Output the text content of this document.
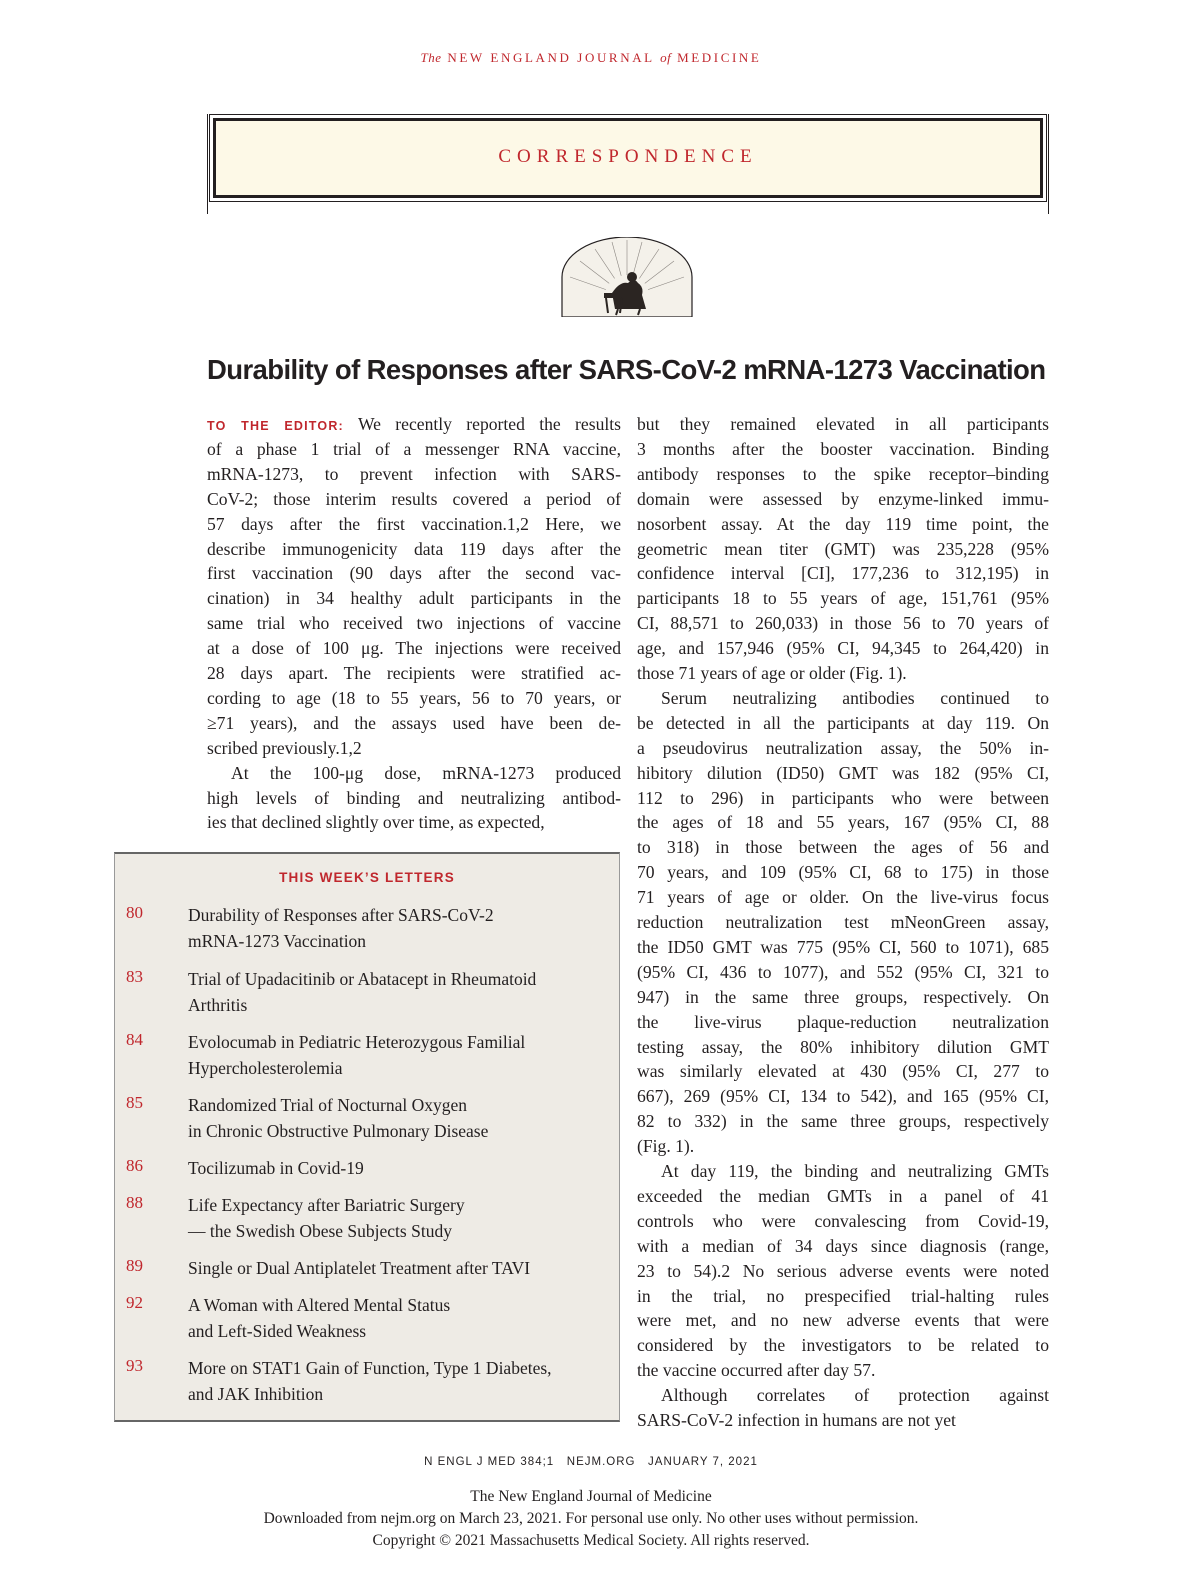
The NEW ENGLAND JOURNAL of MEDICINE
CORRESPONDENCE
Durability of Responses after SARS-CoV-2 mRNA-1273 Vaccination
TO THE EDITOR: We recently reported the results
of a phase 1 trial of a messenger RNA vaccine,
mRNA-1273, to prevent infection with SARS-
CoV-2; those interim results covered a period of
57 days after the first vaccination.1,2 Here, we
describe immunogenicity data 119 days after the
first vaccination (90 days after the second vac-
cination) in 34 healthy adult participants in the
same trial who received two injections of vaccine
at a dose of 100 μg. The injections were received
28 days apart. The recipients were stratified ac-
cording to age (18 to 55 years, 56 to 70 years, or
≥71 years), and the assays used have been de-
scribed previously.1,2
At the 100-μg dose, mRNA-1273 produced
high levels of binding and neutralizing antibod-
ies that declined slightly over time, as expected,
but they remained elevated in all participants
3 months after the booster vaccination. Binding
antibody responses to the spike receptor–binding
domain were assessed by enzyme-linked immu-
nosorbent assay. At the day 119 time point, the
geometric mean titer (GMT) was 235,228 (95%
confidence interval [CI], 177,236 to 312,195) in
participants 18 to 55 years of age, 151,761 (95%
CI, 88,571 to 260,033) in those 56 to 70 years of
age, and 157,946 (95% CI, 94,345 to 264,420) in
those 71 years of age or older (Fig. 1).
Serum neutralizing antibodies continued to
be detected in all the participants at day 119. On
a pseudovirus neutralization assay, the 50% in-
hibitory dilution (ID50) GMT was 182 (95% CI,
112 to 296) in participants who were between
the ages of 18 and 55 years, 167 (95% CI, 88
to 318) in those between the ages of 56 and
70 years, and 109 (95% CI, 68 to 175) in those
71 years of age or older. On the live-virus focus
reduction neutralization test mNeonGreen assay,
the ID50 GMT was 775 (95% CI, 560 to 1071), 685
(95% CI, 436 to 1077), and 552 (95% CI, 321 to
947) in the same three groups, respectively. On
the live-virus plaque-reduction neutralization
testing assay, the 80% inhibitory dilution GMT
was similarly elevated at 430 (95% CI, 277 to
667), 269 (95% CI, 134 to 542), and 165 (95% CI,
82 to 332) in the same three groups, respectively
(Fig. 1).
At day 119, the binding and neutralizing GMTs
exceeded the median GMTs in a panel of 41
controls who were convalescing from Covid-19,
with a median of 34 days since diagnosis (range,
23 to 54).2 No serious adverse events were noted
in the trial, no prespecified trial-halting rules
were met, and no new adverse events that were
considered by the investigators to be related to
the vaccine occurred after day 57.
Although correlates of protection against
SARS-CoV-2 infection in humans are not yet
THIS WEEK’S LETTERS
80	Durability of Responses after SARS-CoV-2
mRNA-1273 Vaccination
83	Trial of Upadacitinib or Abatacept in Rheumatoid
Arthritis
84	Evolocumab in Pediatric Heterozygous Familial
Hypercholesterolemia
85	Randomized Trial of Nocturnal Oxygen
in Chronic Obstructive Pulmonary Disease
86	Tocilizumab in Covid-19
88	Life Expectancy after Bariatric Surgery
— the Swedish Obese Subjects Study
89	Single or Dual Antiplatelet Treatment after TAVI
92	A Woman with Altered Mental Status
and Left-Sided Weakness
93	More on STAT1 Gain of Function, Type 1 Diabetes,
and JAK Inhibition
N ENGL J MED 384;1   NEJM.ORG   JANUARY 7, 2021
The New England Journal of Medicine
Downloaded from nejm.org on March 23, 2021. For personal use only. No other uses without permission.
Copyright © 2021 Massachusetts Medical Society. All rights reserved.
